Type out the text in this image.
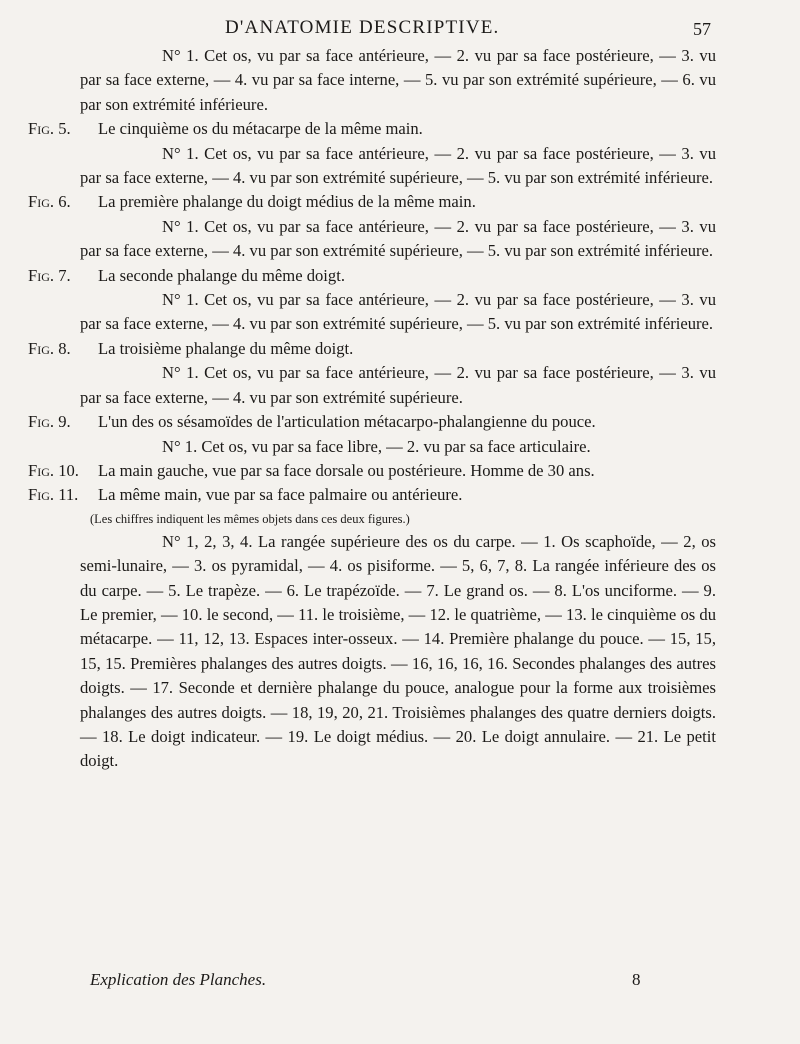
D'ANATOMIE DESCRIPTIVE.	57

N° 1. Cet os, vu par sa face antérieure, — 2. vu par sa face postérieure, — 3. vu par sa face externe, — 4. vu par sa face interne, — 5. vu par son extrémité supérieure, — 6. vu par son extrémité inférieure.

Fig. 5. Le cinquième os du métacarpe de la même main.

N° 1. Cet os, vu par sa face antérieure, — 2. vu par sa face postérieure, — 3. vu par sa face externe, — 4. vu par son extrémité supérieure, — 5. vu par son extrémité inférieure.

Fig. 6. La première phalange du doigt médius de la même main.

N° 1. Cet os, vu par sa face antérieure, — 2. vu par sa face postérieure, — 3. vu par sa face externe, — 4. vu par son extrémité supérieure, — 5. vu par son extrémité inférieure.

Fig. 7. La seconde phalange du même doigt.

N° 1. Cet os, vu par sa face antérieure, — 2. vu par sa face postérieure, — 3. vu par sa face externe, — 4. vu par son extrémité supérieure, — 5. vu par son extrémité inférieure.

Fig. 8. La troisième phalange du même doigt.

N° 1. Cet os, vu par sa face antérieure, — 2. vu par sa face postérieure, — 3. vu par sa face externe, — 4. vu par son extrémité supérieure.

Fig. 9. L'un des os sésamoïdes de l'articulation métacarpo-phalangienne du pouce.

N° 1. Cet os, vu par sa face libre, — 2. vu par sa face articulaire.

Fig. 10. La main gauche, vue par sa face dorsale ou postérieure. Homme de 30 ans.
Fig. 11. La même main, vue par sa face palmaire ou antérieure.

(Les chiffres indiquent les mêmes objets dans ces deux figures.)

N° 1, 2, 3, 4. La rangée supérieure des os du carpe. — 1. Os scaphoïde, — 2, os semi-lunaire, — 3. os pyramidal, — 4. os pisiforme. — 5, 6, 7, 8. La rangée inférieure des os du carpe. — 5. Le trapèze. — 6. Le trapézoïde. — 7. Le grand os. — 8. L'os unciforme. — 9. Le premier, — 10. le second, — 11. le troisième, — 12. le quatrième, — 13. le cinquième os du métacarpe. — 11, 12, 13. Espaces inter-osseux. — 14. Première phalange du pouce. — 15, 15, 15, 15. Premières phalanges des autres doigts. — 16, 16, 16, 16. Secondes phalanges des autres doigts. — 17. Seconde et dernière phalange du pouce, analogue pour la forme aux troisièmes phalanges des autres doigts. — 18, 19, 20, 21. Troisièmes phalanges des quatre derniers doigts. — 18. Le doigt indicateur. — 19. Le doigt médius. — 20. Le doigt annulaire. — 21. Le petit doigt.

Explication des Planches.	8
